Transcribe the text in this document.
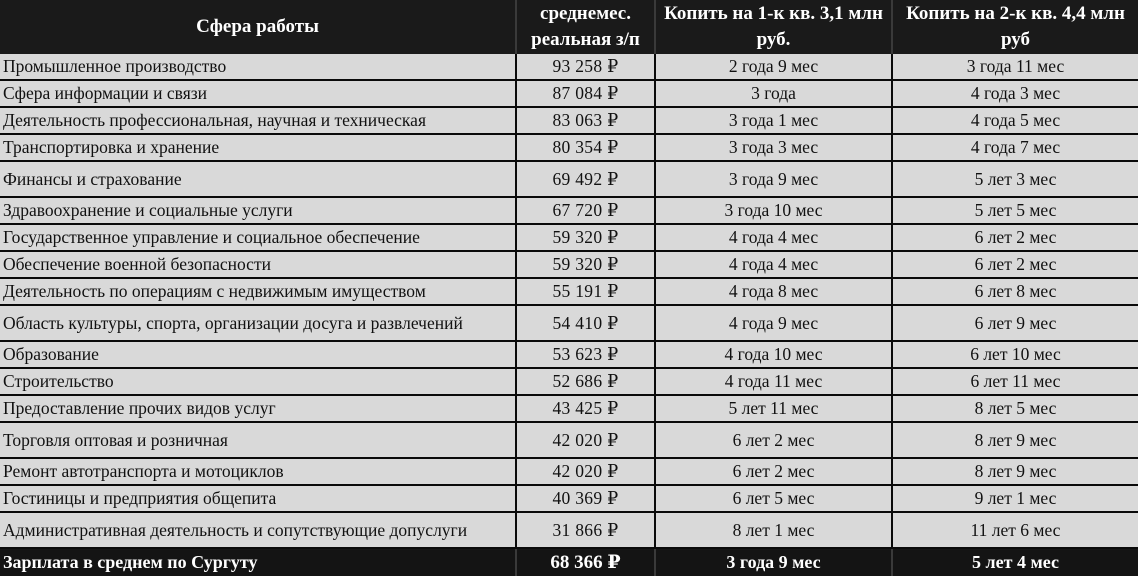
Сфера работы	среднемес. реальная з/п	Копить на 1-к кв. 3,1 млн руб.	Копить на 2-к кв. 4,4 млн руб
Промышленное производство	93 258 ₽	2 года 9 мес	3 года 11 мес
Сфера информации и связи	87 084 ₽	3 года	4 года 3 мес
Деятельность профессиональная, научная и техническая	83 063 ₽	3 года 1 мес	4 года 5 мес
Транспортировка и хранение	80 354 ₽	3 года 3 мес	4 года 7 мес
Финансы и страхование	69 492 ₽	3 года 9 мес	5 лет 3 мес
Здравоохранение и социальные услуги	67 720 ₽	3 года 10 мес	5 лет 5 мес
Государственное управление и социальное обеспечение	59 320 ₽	4 года 4 мес	6 лет 2 мес
Обеспечение военной безопасности	59 320 ₽	4 года 4 мес	6 лет 2 мес
Деятельность по операциям с недвижимым имуществом	55 191 ₽	4 года 8 мес	6 лет 8 мес
Область культуры, спорта, организации досуга и развлечений	54 410 ₽	4 года 9 мес	6 лет 9 мес
Образование	53 623 ₽	4 года 10 мес	6 лет 10 мес
Строительство	52 686 ₽	4 года 11 мес	6 лет 11 мес
Предоставление прочих видов услуг	43 425 ₽	5 лет 11 мес	8 лет 5 мес
Торговля оптовая и розничная	42 020 ₽	6 лет 2 мес	8 лет 9 мес
Ремонт автотранспорта и мотоциклов	42 020 ₽	6 лет 2 мес	8 лет 9 мес
Гостиницы и предприятия общепита	40 369 ₽	6 лет 5 мес	9 лет 1 мес
Административная деятельность и сопутствующие допуслуги	31 866 ₽	8 лет 1 мес	11 лет 6 мес
Зарплата в среднем по Сургуту	68 366 ₽	3 года 9 мес	5 лет 4 мес
